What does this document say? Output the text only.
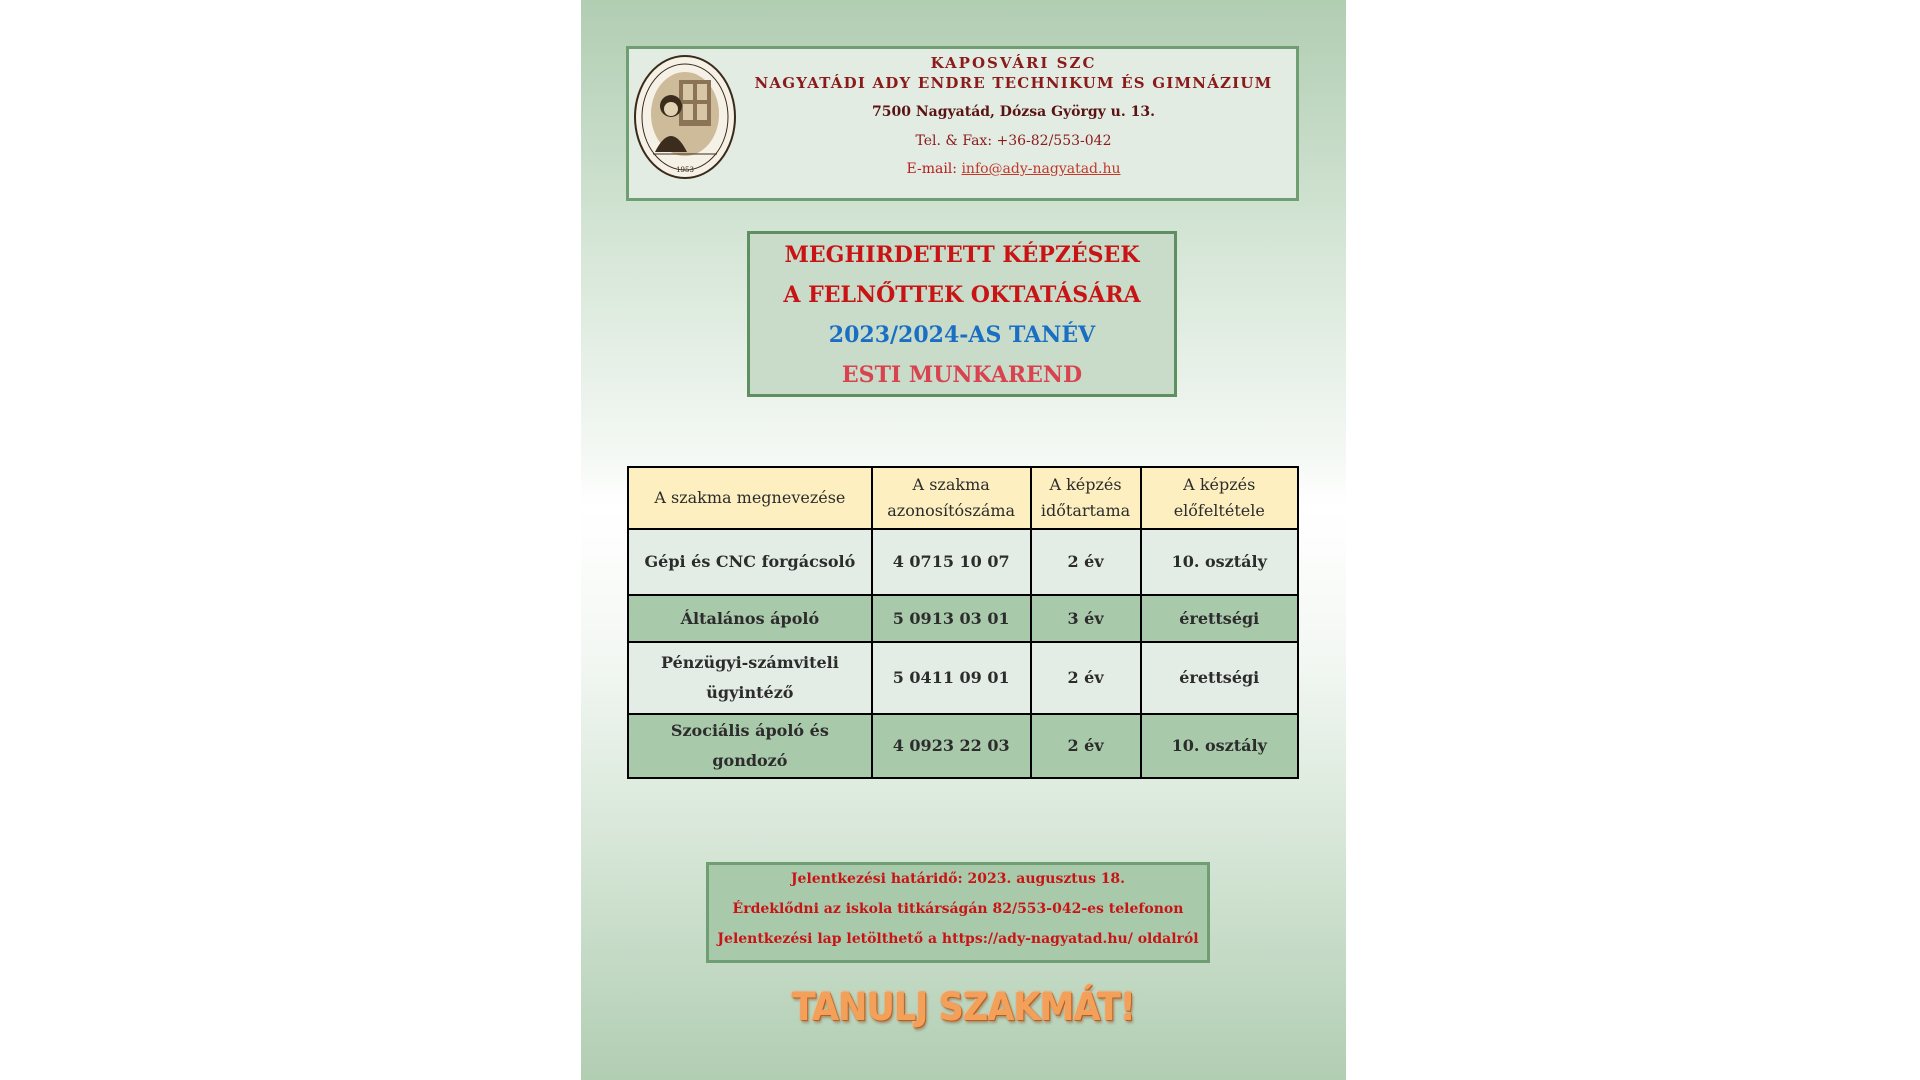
1953
KAPOSVÁRI SZC
NAGYATÁDI ADY ENDRE TECHNIKUM ÉS GIMNÁZIUM
7500 Nagyatád, Dózsa György u. 13.
Tel. & Fax: +36-82/553-042
E-mail: info@ady-nagyatad.hu
MEGHIRDETETT KÉPZÉSEK
A FELNŐTTEK OKTATÁSÁRA
2023/2024-AS TANÉV
ESTI MUNKAREND
A szakma megnevezése	A szakma azonosítószáma	A képzés időtartama	A képzés előfeltétele
Gépi és CNC forgácsoló	4 0715 10 07	2 év	10. osztály
Általános ápoló	5 0913 03 01	3 év	érettségi
Pénzügyi-számviteli ügyintéző	5 0411 09 01	2 év	érettségi
Szociális ápoló és gondozó	4 0923 22 03	2 év	10. osztály
Jelentkezési határidő: 2023. augusztus 18.
Érdeklődni az iskola titkárságán 82/553-042-es telefonon
Jelentkezési lap letölthető a https://ady-nagyatad.hu/ oldalról
TANULJ SZAKMÁT!
